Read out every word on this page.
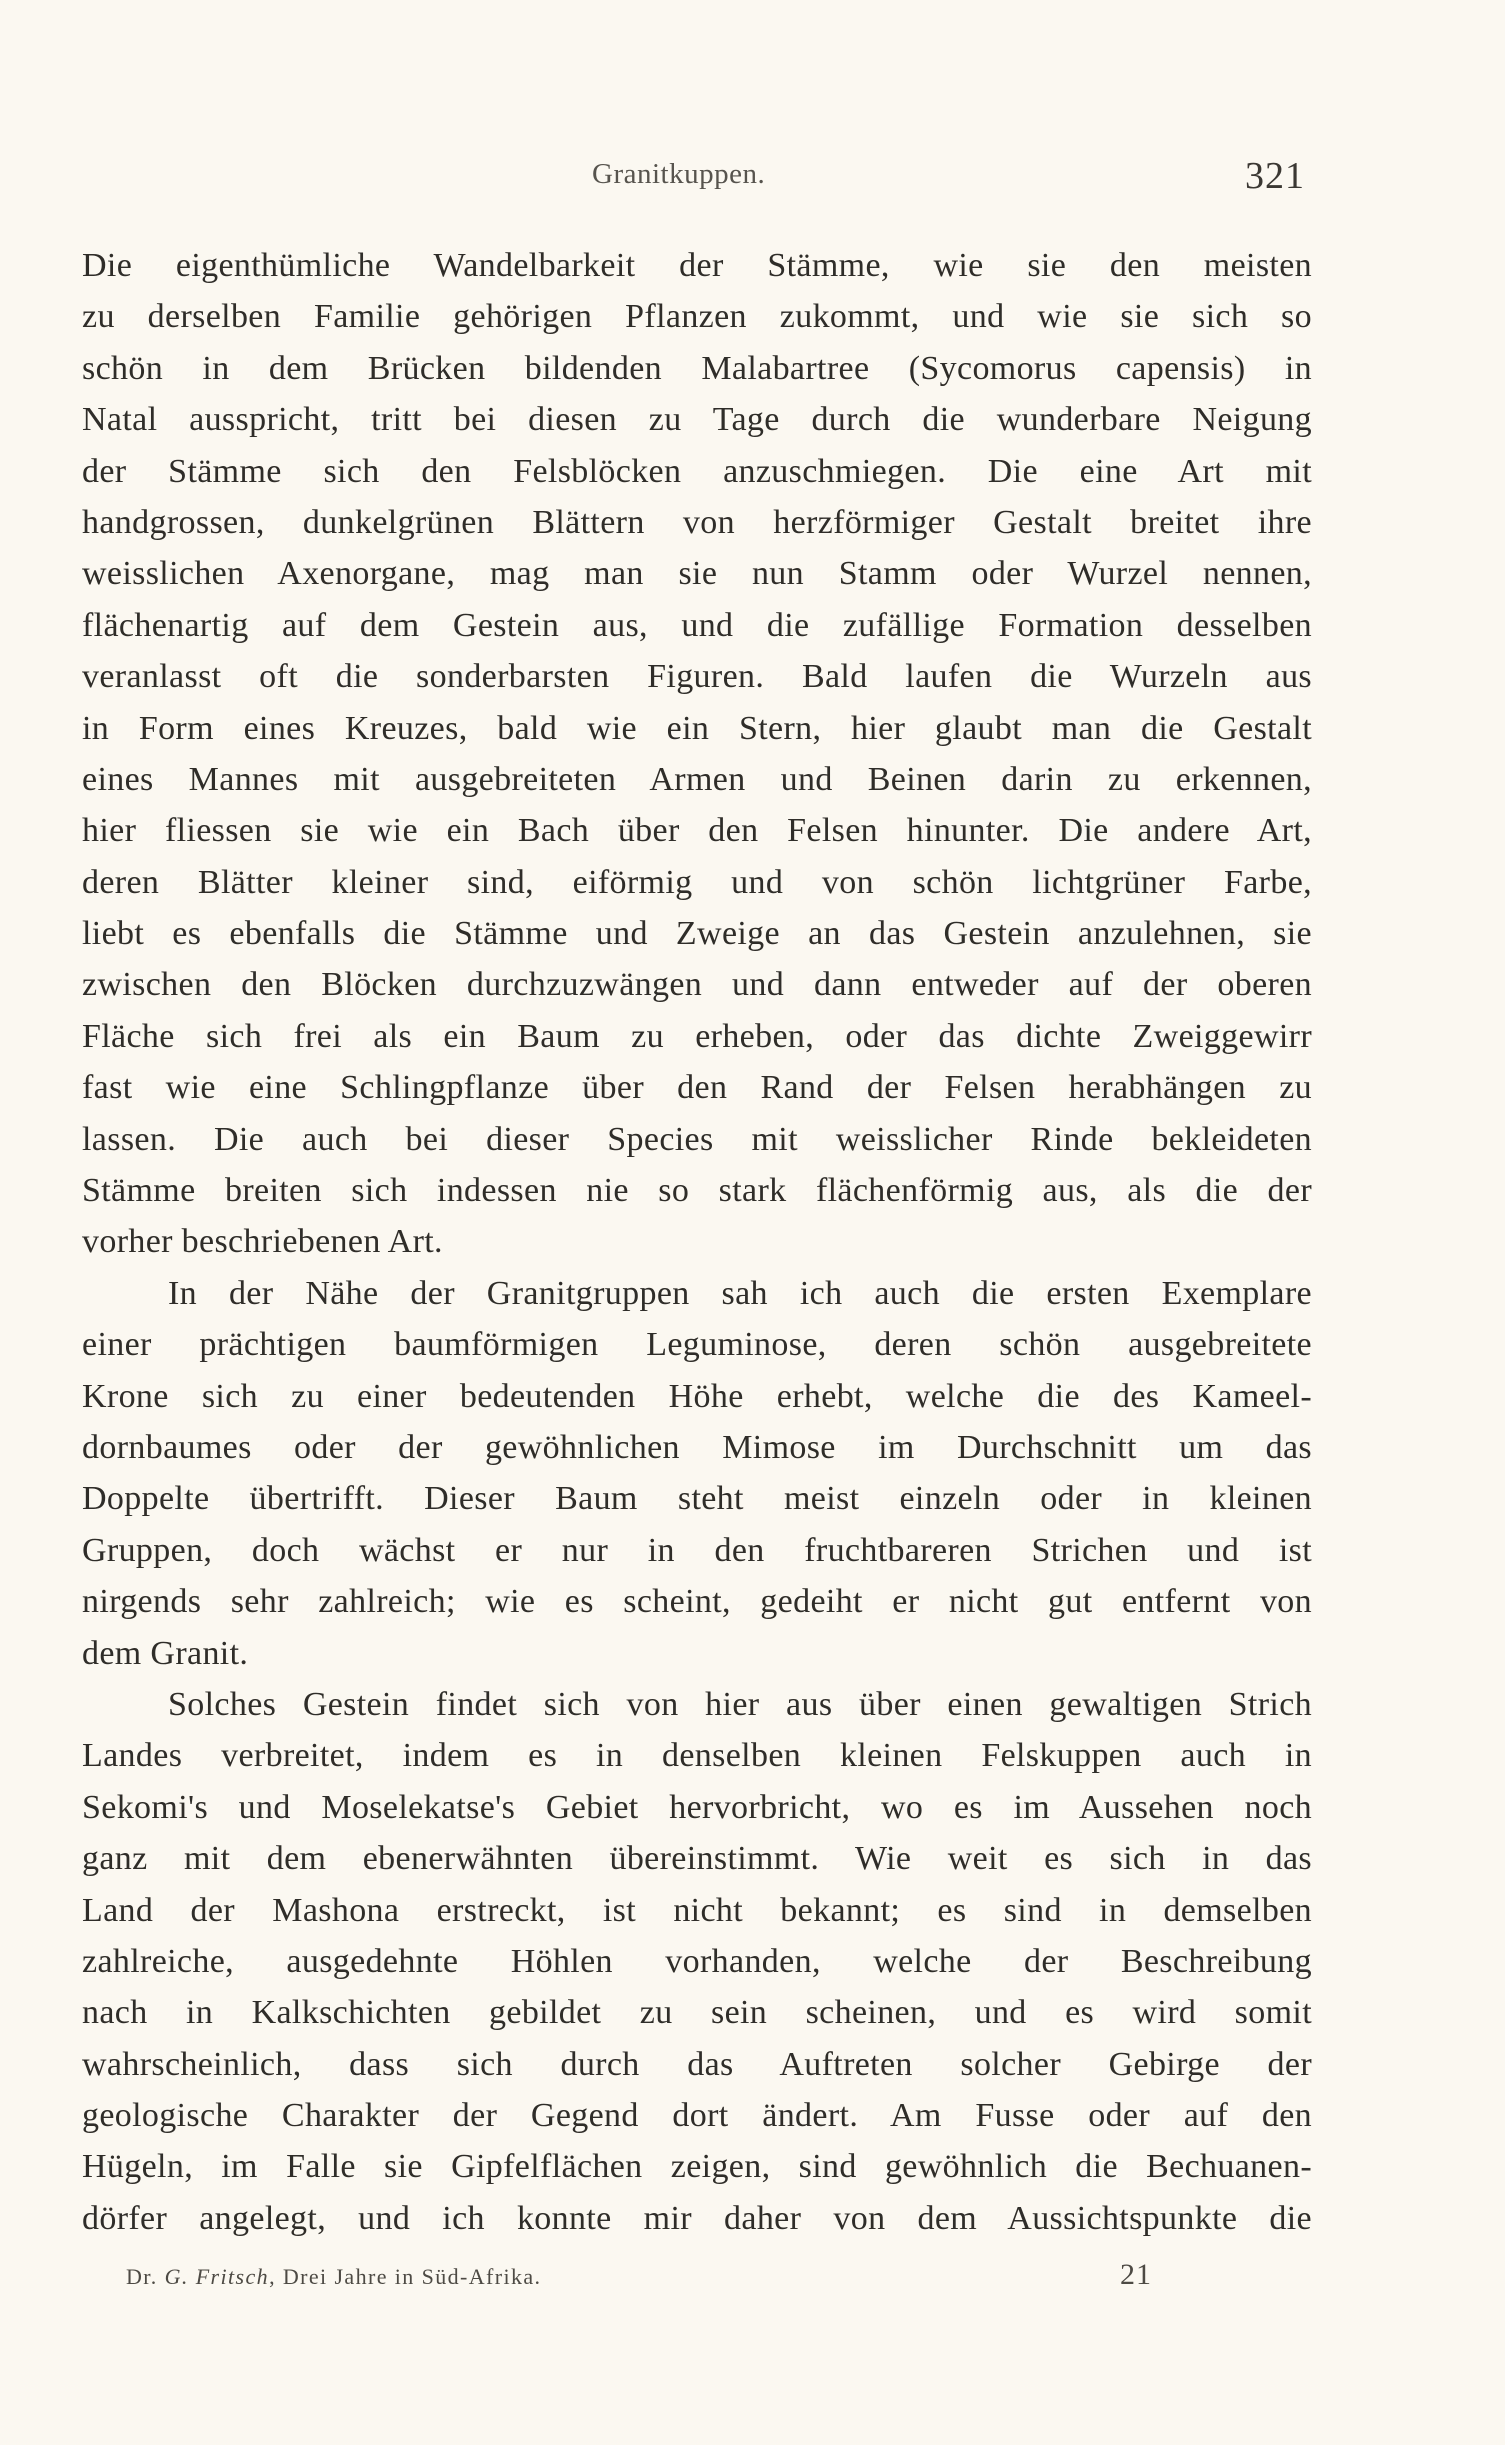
Granitkuppen.	321
Die eigenthümliche Wandelbarkeit der Stämme, wie sie den meisten
zu derselben Familie gehörigen Pflanzen zukommt, und wie sie sich so
schön in dem Brücken bildenden Malabartree (Sycomorus capensis) in
Natal ausspricht, tritt bei diesen zu Tage durch die wunderbare Neigung
der Stämme sich den Felsblöcken anzuschmiegen. Die eine Art mit
handgrossen, dunkelgrünen Blättern von herzförmiger Gestalt breitet ihre
weisslichen Axenorgane, mag man sie nun Stamm oder Wurzel nennen,
flächenartig auf dem Gestein aus, und die zufällige Formation desselben
veranlasst oft die sonderbarsten Figuren. Bald laufen die Wurzeln aus
in Form eines Kreuzes, bald wie ein Stern, hier glaubt man die Gestalt
eines Mannes mit ausgebreiteten Armen und Beinen darin zu erkennen,
hier fliessen sie wie ein Bach über den Felsen hinunter. Die andere Art,
deren Blätter kleiner sind, eiförmig und von schön lichtgrüner Farbe,
liebt es ebenfalls die Stämme und Zweige an das Gestein anzulehnen, sie
zwischen den Blöcken durchzuzwängen und dann entweder auf der oberen
Fläche sich frei als ein Baum zu erheben, oder das dichte Zweiggewirr
fast wie eine Schlingpflanze über den Rand der Felsen herabhängen zu
lassen. Die auch bei dieser Species mit weisslicher Rinde bekleideten
Stämme breiten sich indessen nie so stark flächenförmig aus, als die der
vorher beschriebenen Art.
In der Nähe der Granitgruppen sah ich auch die ersten Exemplare
einer prächtigen baumförmigen Leguminose, deren schön ausgebreitete
Krone sich zu einer bedeutenden Höhe erhebt, welche die des Kameel-
dornbaumes oder der gewöhnlichen Mimose im Durchschnitt um das
Doppelte übertrifft. Dieser Baum steht meist einzeln oder in kleinen
Gruppen, doch wächst er nur in den fruchtbareren Strichen und ist
nirgends sehr zahlreich; wie es scheint, gedeiht er nicht gut entfernt von
dem Granit.
Solches Gestein findet sich von hier aus über einen gewaltigen Strich
Landes verbreitet, indem es in denselben kleinen Felskuppen auch in
Sekomi's und Moselekatse's Gebiet hervorbricht, wo es im Aussehen noch
ganz mit dem ebenerwähnten übereinstimmt. Wie weit es sich in das
Land der Mashona erstreckt, ist nicht bekannt; es sind in demselben
zahlreiche, ausgedehnte Höhlen vorhanden, welche der Beschreibung
nach in Kalkschichten gebildet zu sein scheinen, und es wird somit
wahrscheinlich, dass sich durch das Auftreten solcher Gebirge der
geologische Charakter der Gegend dort ändert. Am Fusse oder auf den
Hügeln, im Falle sie Gipfelflächen zeigen, sind gewöhnlich die Bechuanen-
dörfer angelegt, und ich konnte mir daher von dem Aussichtspunkte die
Dr. G. Fritsch, Drei Jahre in Süd-Afrika.	21
